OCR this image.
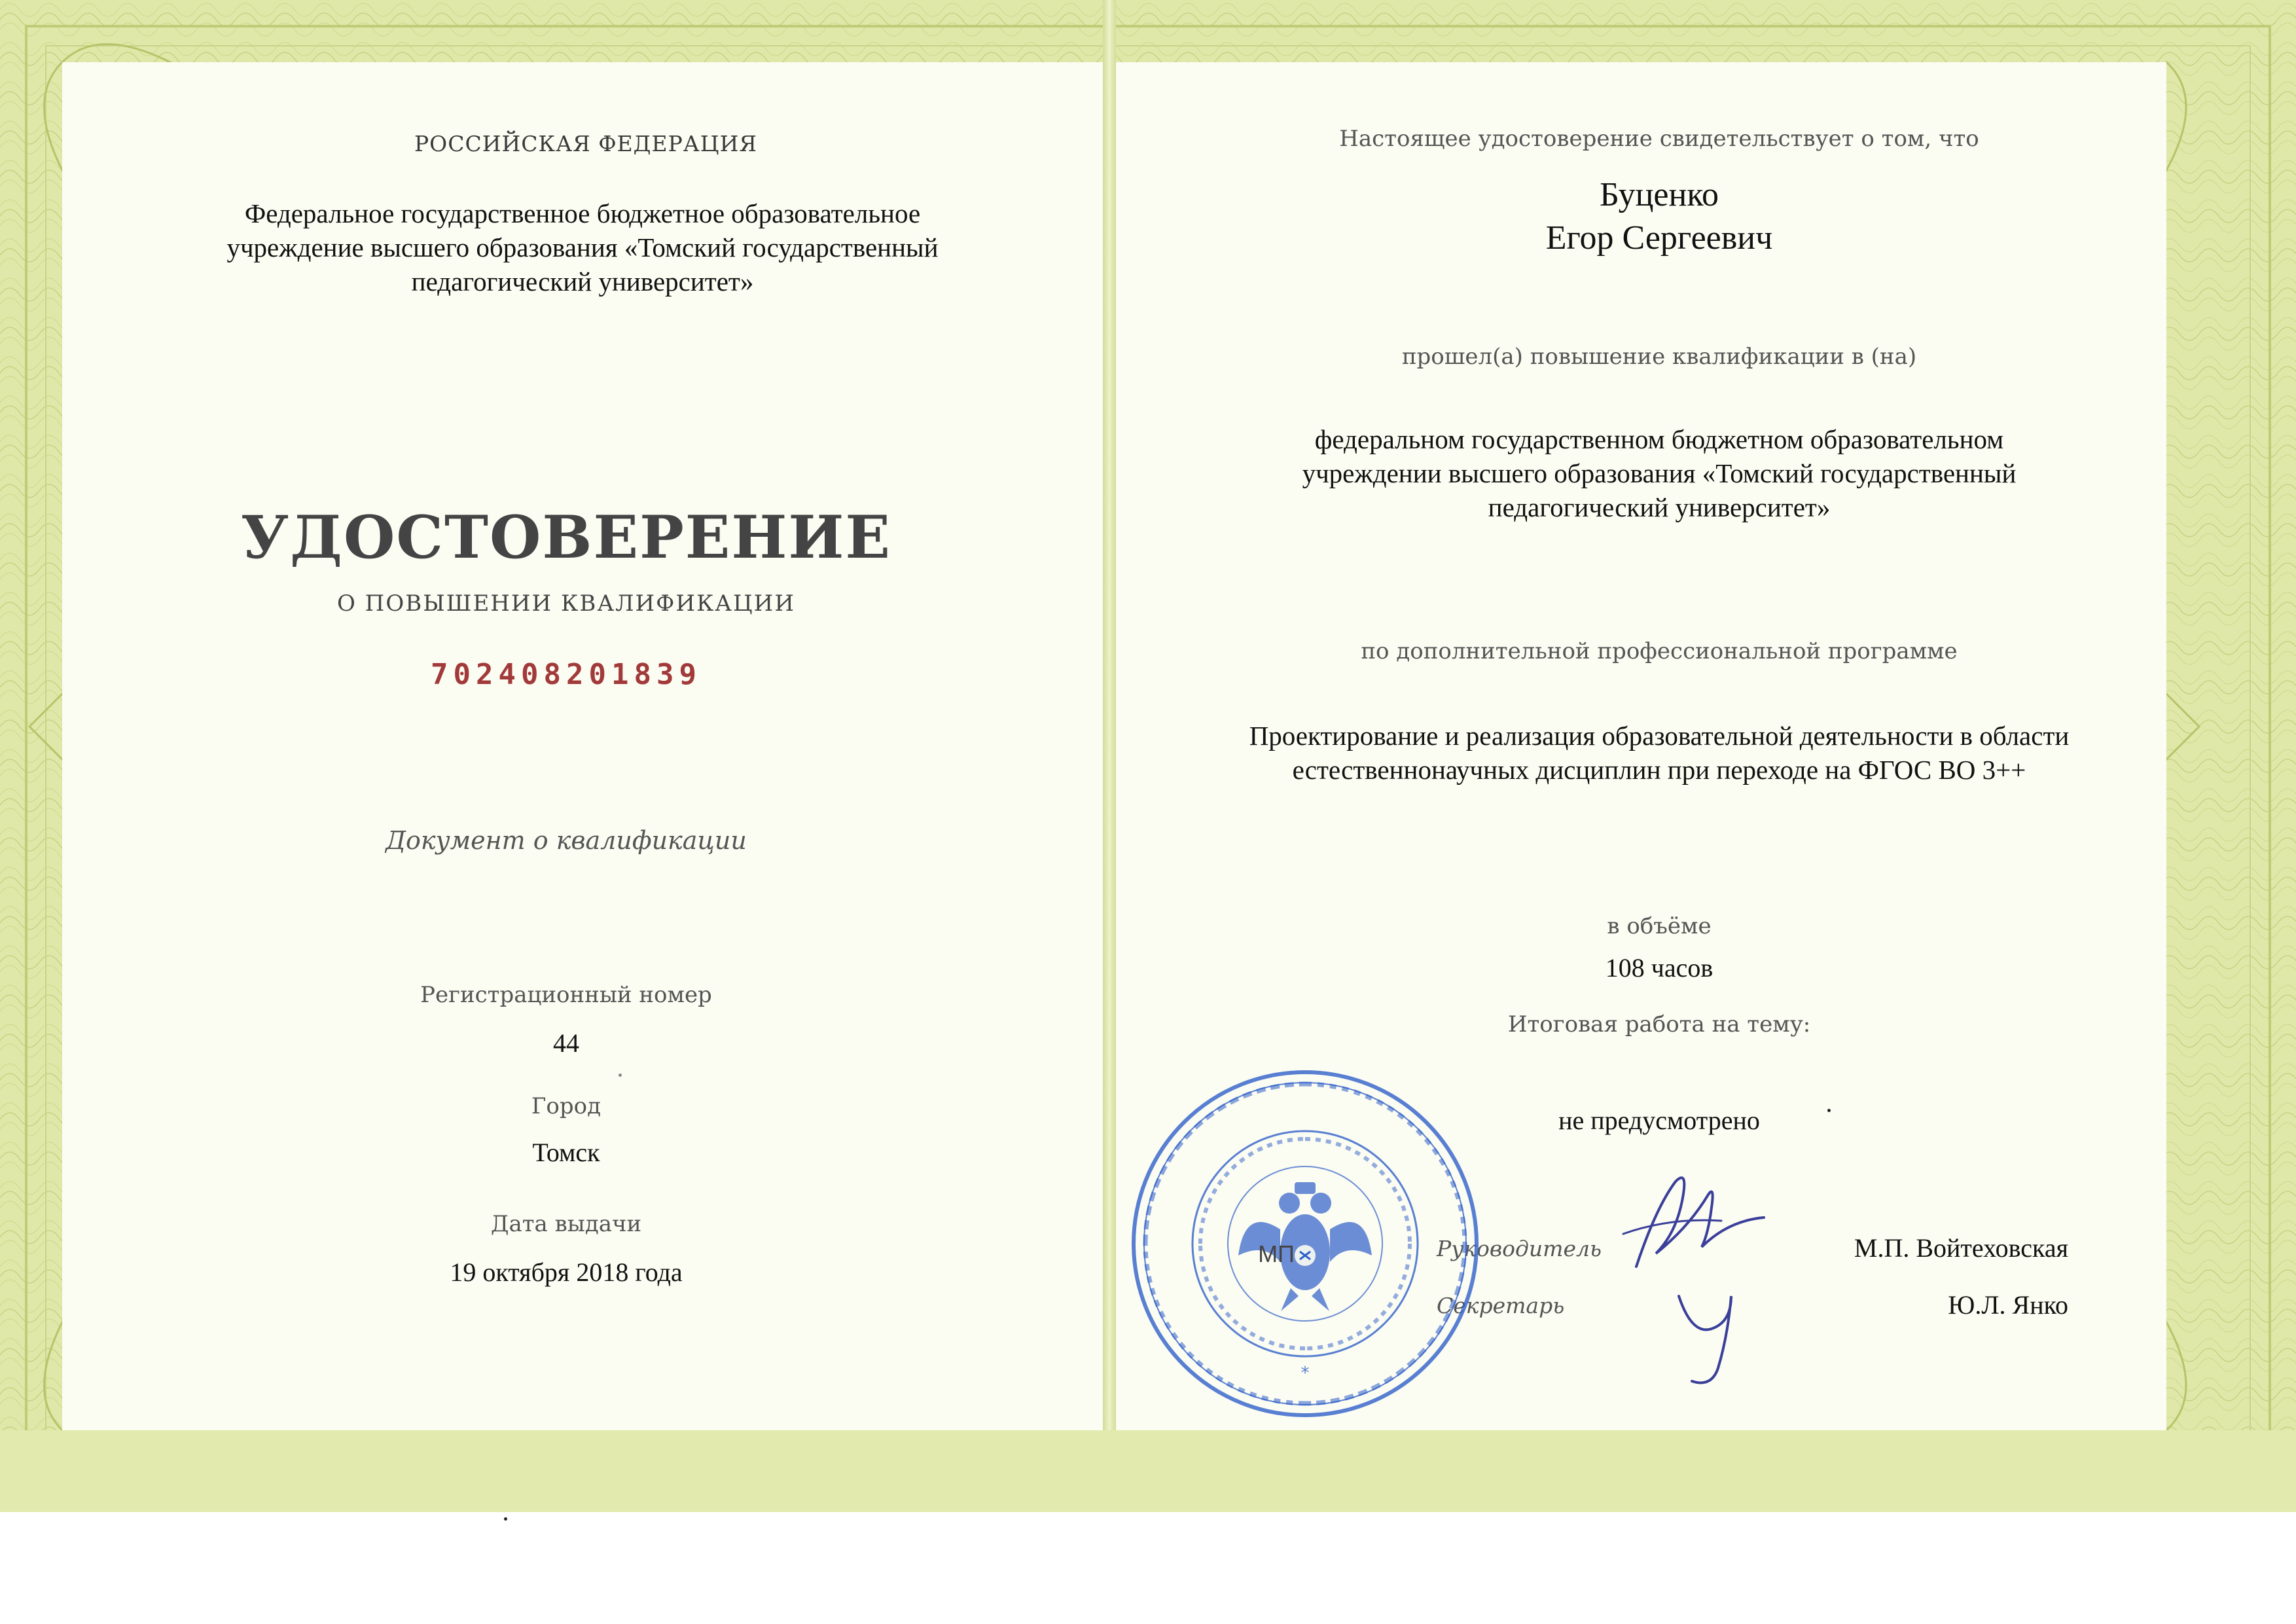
РОССИЙСКАЯ ФЕДЕРАЦИЯ
Федеральное государственное бюджетное образовательное
учреждение высшего образования «Томский государственный
педагогический университет»
УДОСТОВЕРЕНИЕ
О ПОВЫШЕНИИ КВАЛИФИКАЦИИ
702408201839
Документ о квалификации
Регистрационный номер
44
Город
Томск
Дата выдачи
19 октября 2018 года
Настоящее удостоверение свидетельствует о том, что
Буценко
Егор Сергеевич
прошел(а) повышение квалификации в (на)
федеральном государственном бюджетном образовательном
учреждении высшего образования «Томский государственный
педагогический университет»
по дополнительной профессиональной программе
Проектирование и реализация образовательной деятельности в области
естественнонаучных дисциплин при переходе на ФГОС ВО 3++
в объёме
108 часов
Итоговая работа на тему:
не предусмотрено
Руководитель	М.П. Войтеховская
Секретарь	Ю.Л. Янко
*
МП
